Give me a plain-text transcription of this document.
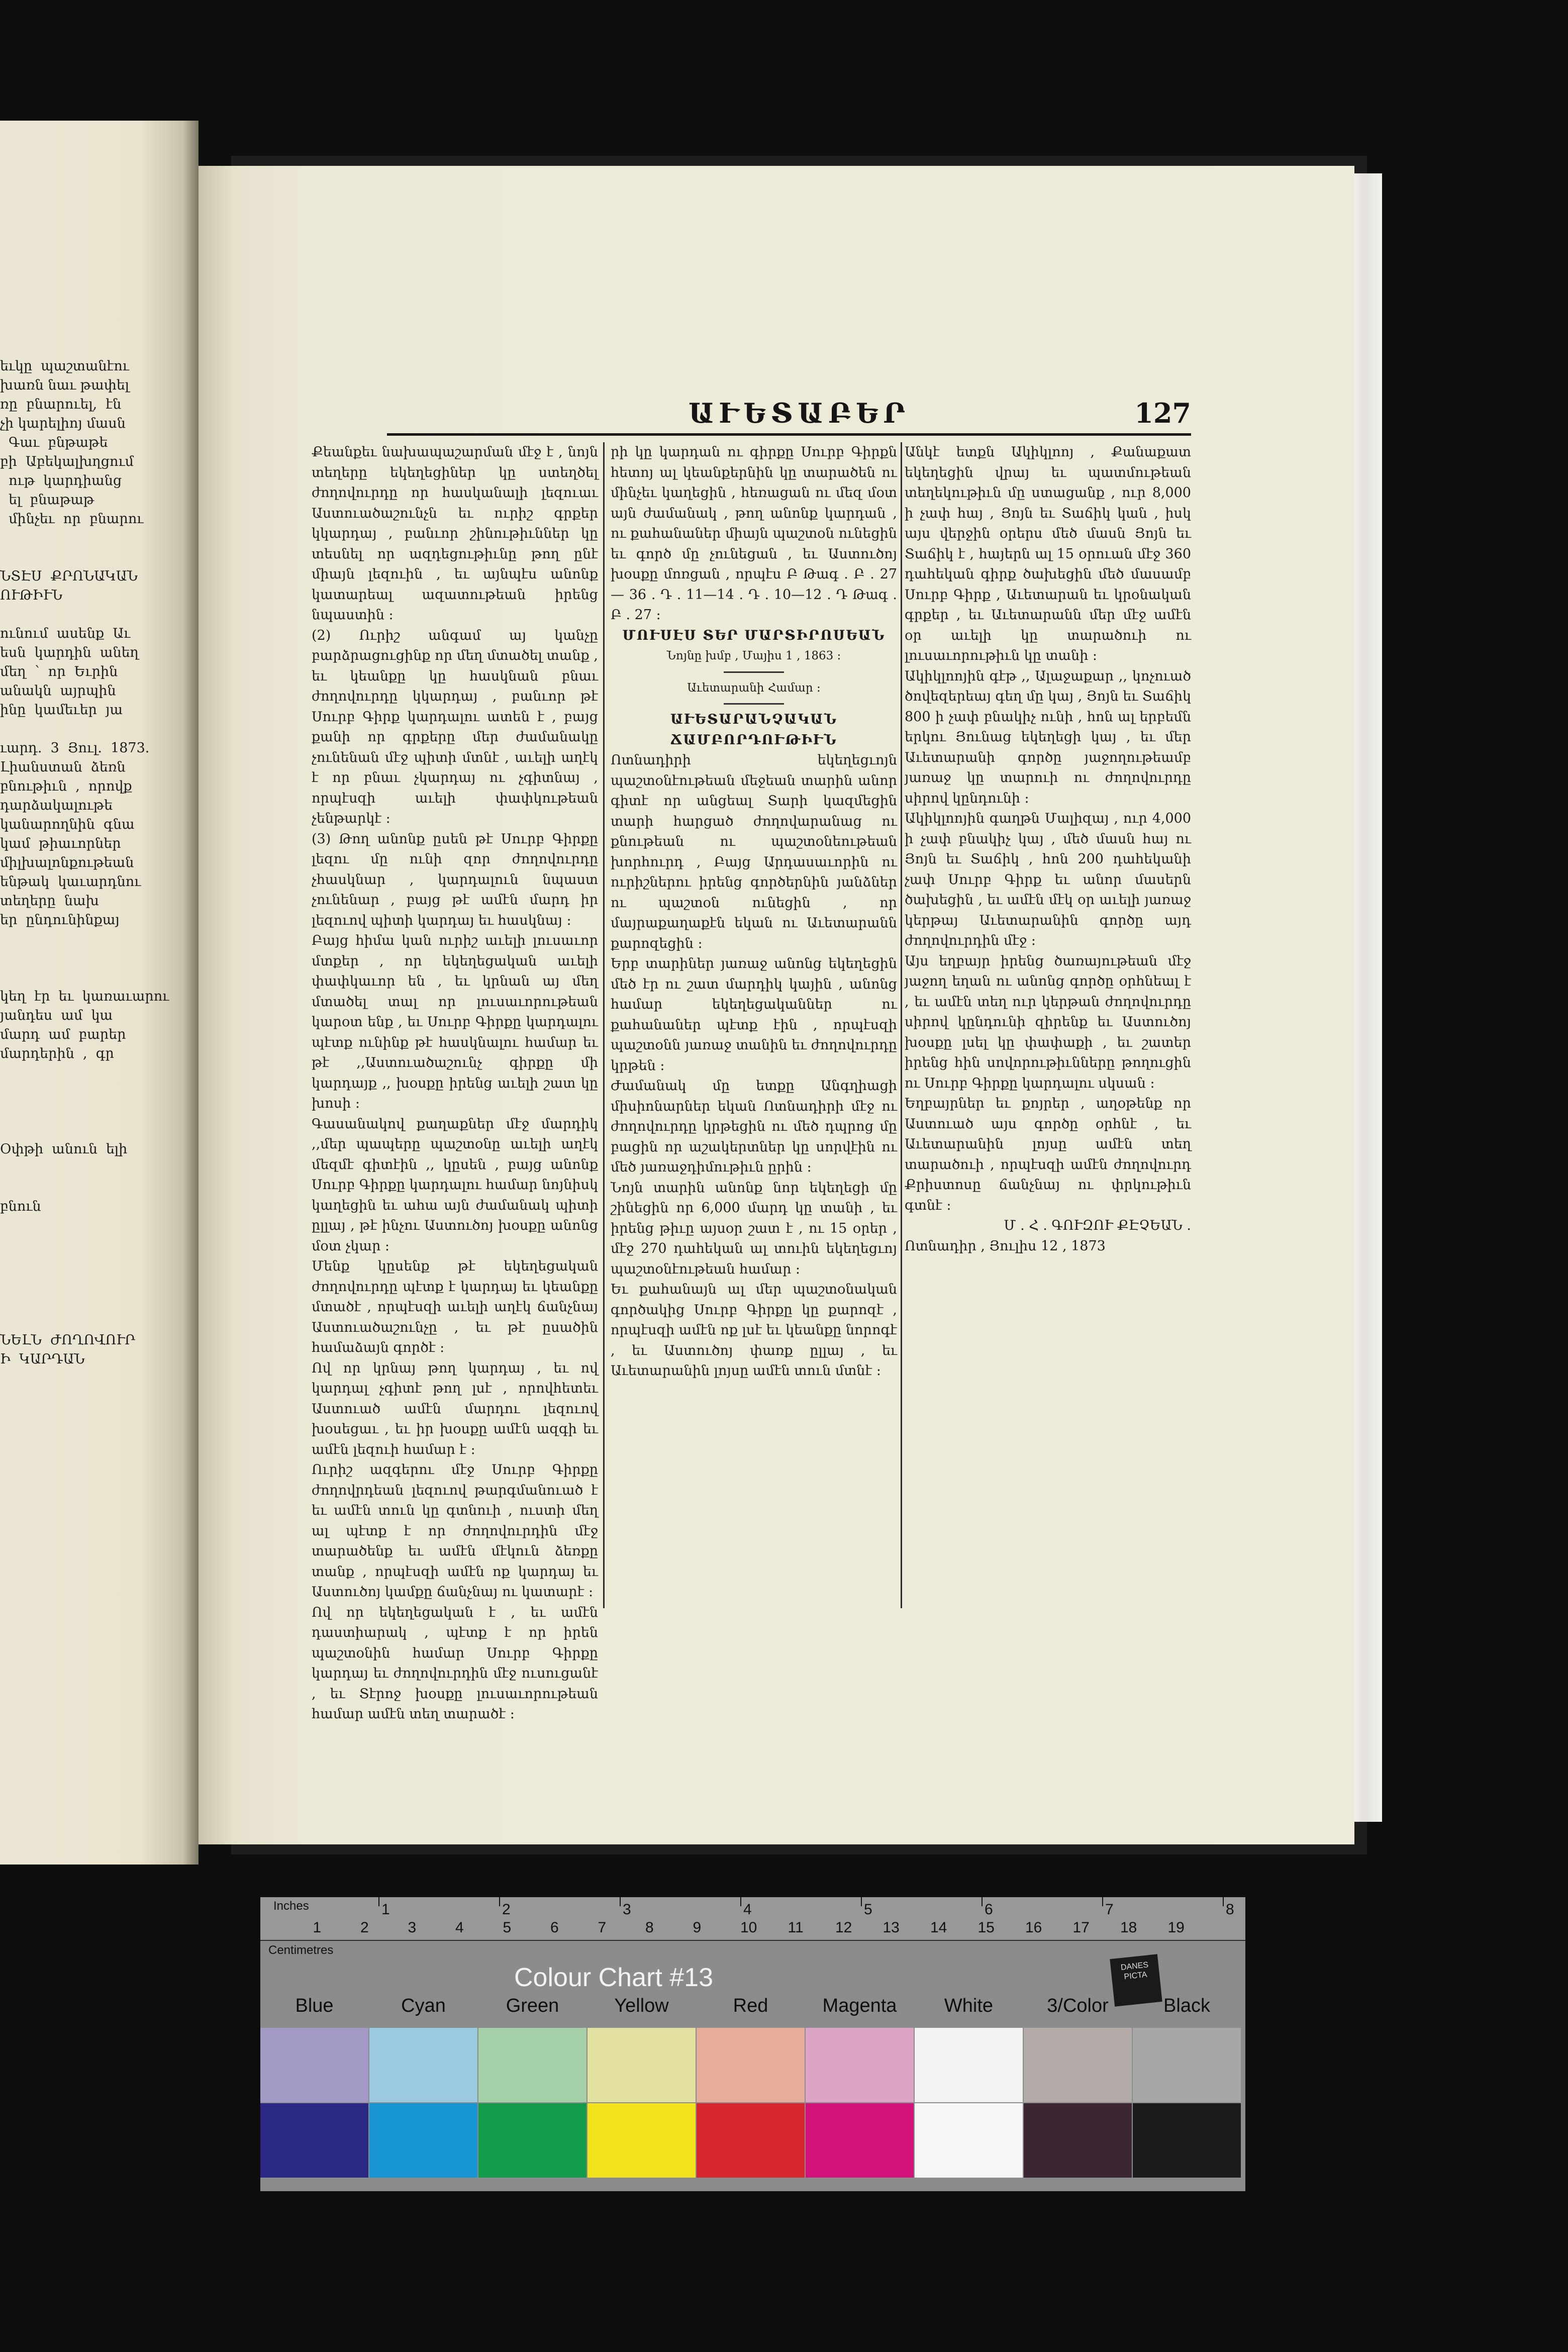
եւկը  պաշտանէու
խառն նաւ թափել
ռը  բնարուել,  էն
չի կարելիոյ մասն
Գաւ  բնթաթե
բի  Աբեկալխղցում
ութ  կարդիանց
ել  բնաթաթ
մինչեւ  որ  բնարու

ՆՏԷՍ  ՔՐՈՆԱԿԱՆ
ՈՒԹԻՒՆ

ունում  ասենք  Աւ
եսն  կարդին  անեղ
մեղ  ՝  որ  Եւրին
անակն  այրպին
ինը  կամեւեր  յա

ւարդ.  3  Յուլ.  1873.
Լիանստան  ձեռն
բնութիւն  ,  որովք
դարձակալութե
կանարողնին  գնա
կամ  թիաւորներ
միլխալոնքութեան
ենթակ  կաւարդնու
տեղերը  նախ
եր  ընդունինքայ

կեղ  էր  եւ  կառաւարու
յանդես  ամ  կա
մարդ  ամ  բարեր
մարդերին  ,  գր

Օփթի  անուն  ելի

բնուն

ՆԵԼՆ  ԺՈՂՈՎՈՒՐ
Ի  ԿԱՐԴԱՆ
ԱՒԵՏԱԲԵՐ	127

Քեանքեւ նախապաշարման մէջ է , նոյն տեղերը եկեղեցիներ կը ստեղծել ժողովուրդը որ հասկանալի լեզուաւ Աստուածաշունչն եւ ուրիշ գրքեր կկարդայ , բանւոր շինութիւններ կը տեսնել որ ազդեցութիւնը թող ընէ միայն լեզուին , եւ այնպէս անոնք կատարեալ ազատութեան իրենց նպաստին :

(2) Ուրիշ անգամ այ կանչը բարձրացուցինք որ մեղ մտածել տանք , եւ կեանքը կը հասկնան բնաւ ժողովուրդը կկարդայ , բանւոր թէ Սուրբ Գիրք կարդալու ատեն է , բայց քանի որ գրքերը մեր ժամանակը չունենան մէջ պիտի մտնէ , աւելի աղէկ է որ բնաւ չկարդայ ու չգիտնայ , որպէսզի աւելի փափկութեան չենթարկէ :

(3) Թող անոնք ըսեն թէ Սուրբ Գիրքը լեզու մը ունի զոր ժողովուրդը չհասկնար , կարդալուն նպաստ չունենար , բայց թէ ամէն մարդ իր լեզուով պիտի կարդայ եւ հասկնայ :

Բայց հիմա կան ուրիշ աւելի լուսաւոր մտքեր , որ եկեղեցական աւելի փափկաւոր են , եւ կրնան այ մեղ մտածել տալ որ լուսաւորութեան կարօտ ենք , եւ Սուրբ Գիրքը կարդալու պէտք ունինք թէ հասկնալու համար եւ թէ ,,Աստուածաշունչ գիրքը մի կարդայք ,, խօսքը իրենց աւելի շատ կը խոսի :

Գասանակով քաղաքներ մէջ մարդիկ ,,մեր պապերը պաշտօնը աւելի աղէկ մեզմէ գիտէին ,, կըսեն , բայց անոնք Սուրբ Գիրքը կարդալու համար նոյնիսկ կաղեցին եւ ահա այն ժամանակ պիտի ըլլայ , թէ ինչու Աստուծոյ խօսքը անոնց մօտ չկար :

Մենք կըսենք թէ եկեղեցական ժողովուրդը պէտք է կարդայ եւ կեանքը մտածէ , որպէսզի աւելի աղէկ ճանչնայ Աստուածաշունչը , եւ թէ ըսածին համաձայն գործէ :

Ով որ կրնայ թող կարդայ , եւ ով կարդալ չգիտէ թող լսէ , որովհետեւ Աստուած ամէն մարդու լեզուով խօսեցաւ , եւ իր խօսքը ամէն ազգի եւ ամէն լեզուի համար է :

Ուրիշ ազգերու մէջ Սուրբ Գիրքը ժողովրդեան լեզուով թարգմանուած է եւ ամէն տուն կը գտնուի , ուստի մեղ ալ պէտք է որ ժողովուրդին մէջ տարածենք եւ ամէն մէկուն ձեռքը տանք , որպէսզի ամէն ոք կարդայ եւ Աստուծոյ կամքը ճանչնայ ու կատարէ :

Ով որ եկեղեցական է , եւ ամէն դաստիարակ , պէտք է որ իրեն պաշտօնին համար Սուրբ Գիրքը կարդայ եւ ժողովուրդին մէջ ուսուցանէ , եւ Տէրոջ խօսքը լուսաւորութեան համար ամէն տեղ տարածէ :

րի կը կարդան ու գիրքը Սուրբ Գիրքն հետոյ ալ կեանքերնին կը տարածեն ու մինչեւ կաղեցին , հեռացան ու մեզ մօտ այն ժամանակ , թող անոնք կարդան , ու քահանաներ միայն պաշտօն ունեցին եւ գործ մը չունեցան , եւ Աստուծոյ խօսքը մոռցան , որպէս Բ Թագ . Բ . 27— 36 . Դ . 11—14 . Դ . 10—12 . Դ Թագ . Բ . 27 :

ՄՈՒՍԷՍ ՏԵՐ ՄԱՐՏԻՐՈՍԵԱՆ

Նոյնը խմբ , Մայիս 1 , 1863 :

Աւետարանի Համար :

ԱՒԵՏԱՐԱՆՉԱԿԱՆ ՃԱՄԲՈՐԴՈՒԹԻՒՆ

Ոտնադիրի եկեղեցւոյն պաշտօնէութեան մեջեան տարին անոր գիտէ որ անցեալ Տարի կազմեցին տարի հարցած ժողովարանաց ու քնութեան ու պաշտօնեութեան խորհուրդ , Բայց Արդասաւորին ու ուրիշներու իրենց գործերնին յանձներ ու պաշտօն ունեցին , որ մայրաքաղաքէն եկան ու Աւետարանն քարոզեցին :

Երբ տարիներ յառաջ անոնց եկեղեցին մեծ էր ու շատ մարդիկ կային , անոնց համար եկեղեցականներ ու քահանաներ պէտք էին , որպէսզի պաշտօնն յառաջ տանին եւ ժողովուրդը կրթեն :

Ժամանակ մը ետքը Անգղիացի միսիոնարներ եկան Ոտնադիրի մէջ ու ժողովուրդը կրթեցին ու մեծ դպրոց մը բացին որ աշակերտներ կը սորվէին ու մեծ յառաջդիմութիւն ըրին :

Նոյն տարին անոնք նոր եկեղեցի մը շինեցին որ 6,000 մարդ կը տանի , եւ իրենց թիւը այսօր շատ է , ու 15 օրեր , մէջ 270 դահեկան ալ տուին եկեղեցւոյ պաշտօնէութեան համար :

Եւ քահանայն ալ մեր պաշտօնական գործակից Սուրբ Գիրքը կը քարոզէ , որպէսզի ամէն ոք լսէ եւ կեանքը նորոգէ , եւ Աստուծոյ փառք ըլլայ , եւ Աւետարանին լոյսը ամէն տուն մտնէ :

Անկէ ետքն Ակիկլոոյ , Քանաքատ եկեղեցին վրայ եւ պատմութեան տեղեկութիւն մը ստացանք , ուր 8,000 ի չափ հայ , Յոյն եւ Տաճիկ կան , իսկ այս վերջին օրերս մեծ մասն Յոյն եւ Տաճիկ է , հայերն ալ 15 օրուան մէջ 360 դահեկան գիրք ծախեցին մեծ մասամբ Սուրբ Գիրք , Աւետարան եւ կրօնական գրքեր , եւ Աւետարանն մեր մէջ ամէն օր աւելի կը տարածուի ու լուսաւորութիւն կը տանի :

Ակիկլոոյին գէթ ,, Ալաջաքար ,, կոչուած ծովեզերեայ գեղ մը կայ , Յոյն եւ Տաճիկ 800 ի չափ բնակիչ ունի , հոն ալ երբեմն երկու Յունաց եկեղեցի կայ , եւ մեր Աւետարանի գործը յաջողութեամբ յառաջ կը տարուի ու ժողովուրդը սիրով կընդունի :

Ակիկլոոյին գաղթն Մալիզայ , ուր 4,000 ի չափ բնակիչ կայ , մեծ մասն հայ ու Յոյն եւ Տաճիկ , հոն 200 դահեկանի չափ Սուրբ Գիրք եւ անոր մասերն ծախեցին , եւ ամէն մէկ օր աւելի յառաջ կերթայ Աւետարանին գործը այդ ժողովուրդին մէջ :

Այս եղբայր իրենց ծառայութեան մէջ յաջող եղան ու անոնց գործը օրհնեալ է , եւ ամէն տեղ ուր կերթան ժողովուրդը սիրով կընդունի զիրենք եւ Աստուծոյ խօսքը լսել կը փափաքի , եւ շատեր իրենց հին սովորութիւնները թողուցին ու Սուրբ Գիրքը կարդալու սկսան :

Եղբայրներ եւ քոյրեր , աղօթենք որ Աստուած այս գործը օրհնէ , եւ Աւետարանին լոյսը ամէն տեղ տարածուի , որպէսզի ամէն ժողովուրդ Քրիստոսը ճանչնայ ու փրկութիւն գտնէ :

Մ . Հ . ԳՈՒԶՈՒ ՔԷՉԵԱՆ .

Ոտնադիր , Յուլիս 12 , 1873

Inches
Centimetres
1	2	3	4	5	6	7	8
1	2	3	4	5	6	7	8	9	10 11 12 13 14 15 16 17 18 19
Colour Chart #13	DANES PICTA
Blue	Cyan	Green	Yellow	Red	Magenta	White	3/Color	Black
